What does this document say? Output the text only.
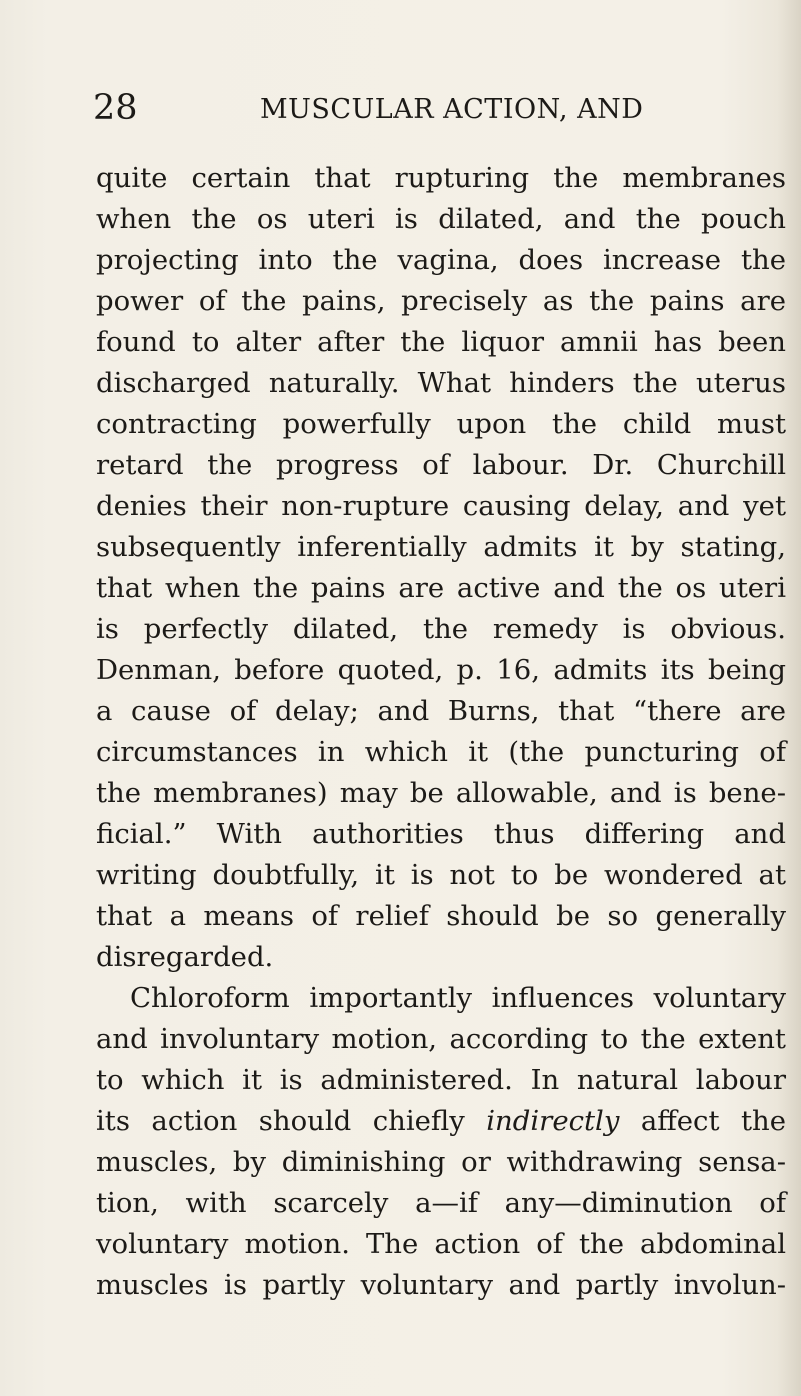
28	MUSCULAR ACTION, AND
quite certain that rupturing the membranes
when the os uteri is dilated, and the pouch
projecting into the vagina, does increase the
power of the pains, precisely as the pains are
found to alter after the liquor amnii has been
discharged naturally. What hinders the uterus
contracting powerfully upon the child must
retard the progress of labour. Dr. Churchill
denies their non-rupture causing delay, and yet
subsequently inferentially admits it by stating,
that when the pains are active and the os uteri
is perfectly dilated, the remedy is obvious.
Denman, before quoted, p. 16, admits its being
a cause of delay; and Burns, that “there are
circumstances in which it (the puncturing of
the membranes) may be allowable, and is bene-
ficial.” With authorities thus differing and
writing doubtfully, it is not to be wondered at
that a means of relief should be so generally
disregarded.
Chloroform importantly influences voluntary
and involuntary motion, according to the extent
to which it is administered. In natural labour
its action should chiefly indirectly affect the
muscles, by diminishing or withdrawing sensa-
tion, with scarcely a—if any—diminution of
voluntary motion. The action of the abdominal
muscles is partly voluntary and partly involun-
